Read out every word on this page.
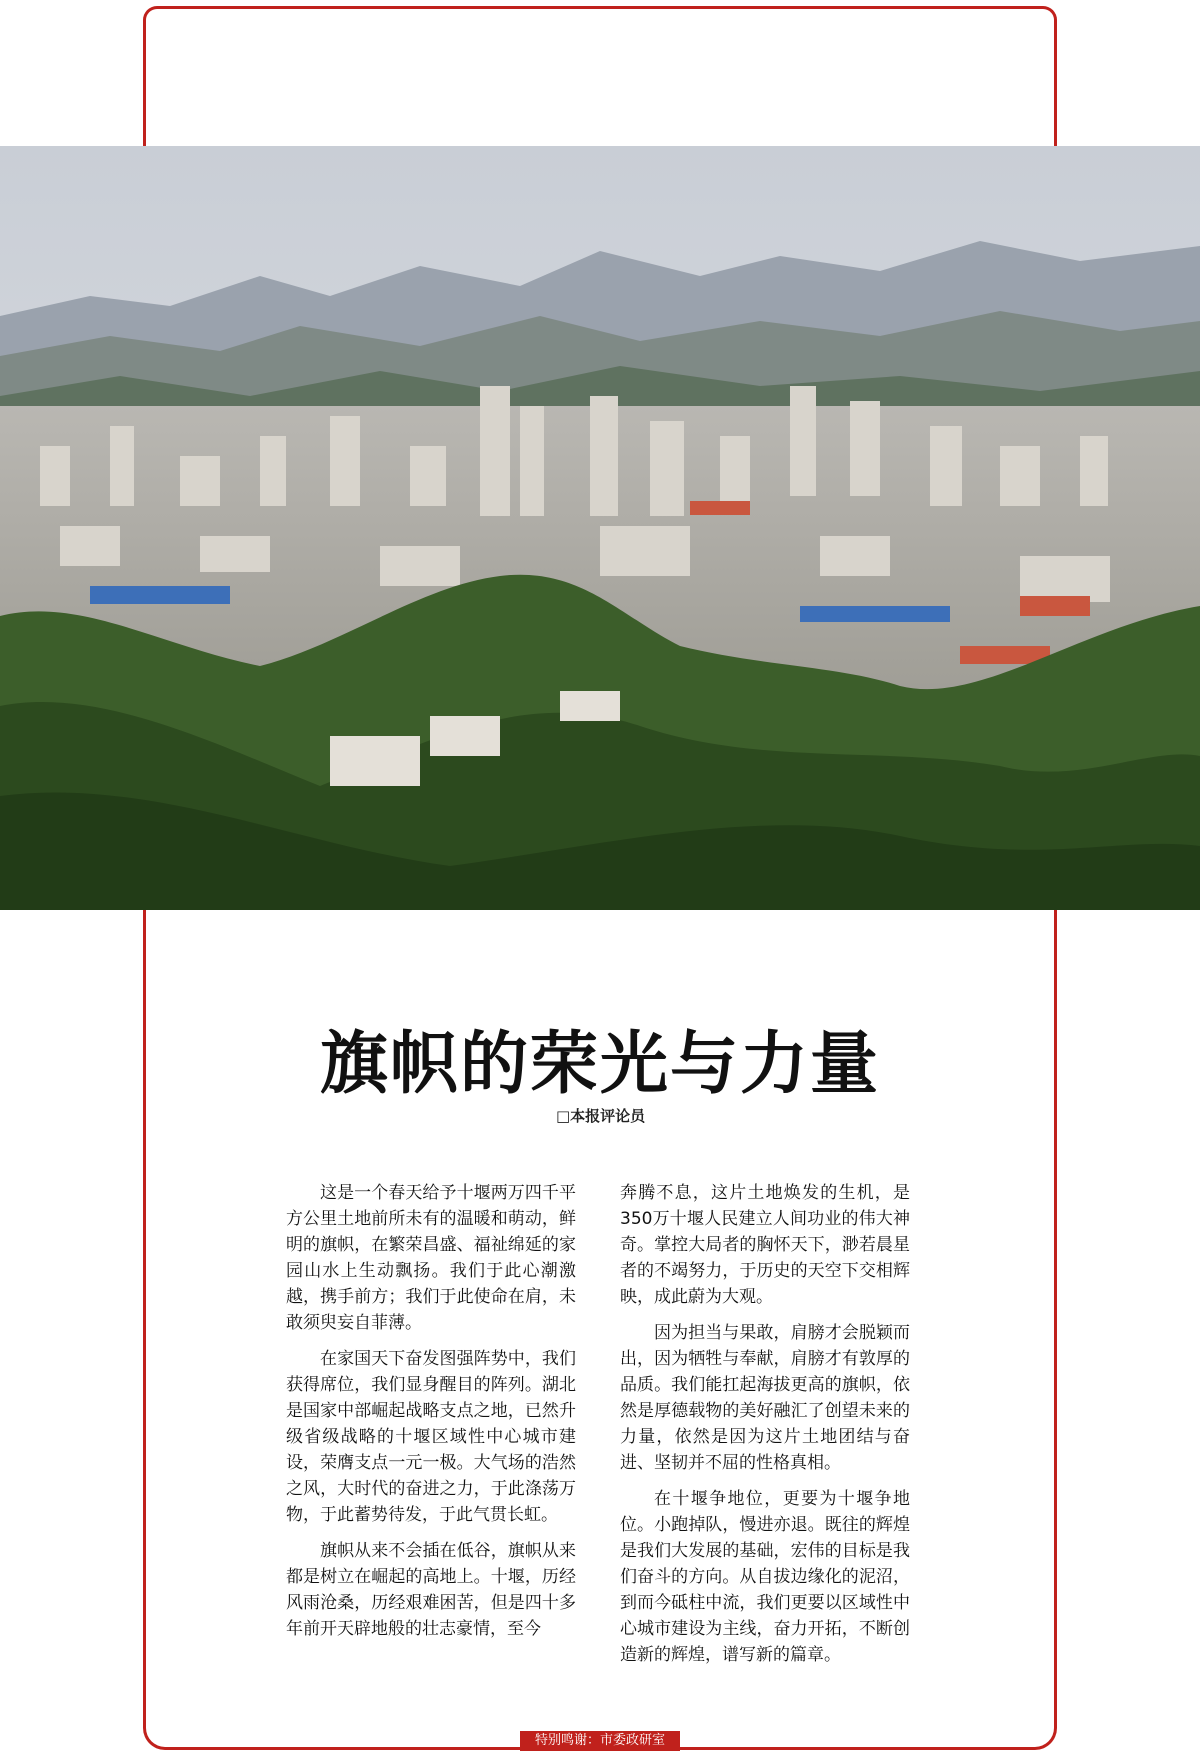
旗帜的荣光与力量
□本报评论员

这是一个春天给予十堰两万四千平方公里土地前所未有的温暖和萌动，鲜明的旗帜，在繁荣昌盛、福祉绵延的家园山水上生动飘扬。我们于此心潮激越，携手前方；我们于此使命在肩，未敢须臾妄自菲薄。

在家国天下奋发图强阵势中，我们获得席位，我们显身醒目的阵列。湖北是国家中部崛起战略支点之地，已然升级省级战略的十堰区域性中心城市建设，荣膺支点一元一极。大气场的浩然之风，大时代的奋进之力，于此涤荡万物，于此蓄势待发，于此气贯长虹。

旗帜从来不会插在低谷，旗帜从来都是树立在崛起的高地上。十堰，历经风雨沧桑，历经艰难困苦，但是四十多年前开天辟地般的壮志豪情，至今

奔腾不息，这片土地焕发的生机，是350万十堰人民建立人间功业的伟大神奇。掌控大局者的胸怀天下，渺若晨星者的不竭努力，于历史的天空下交相辉映，成此蔚为大观。

因为担当与果敢，肩膀才会脱颖而出，因为牺牲与奉献，肩膀才有敦厚的品质。我们能扛起海拔更高的旗帜，依然是厚德载物的美好融汇了创望未来的力量，依然是因为这片土地团结与奋进、坚韧并不屈的性格真相。

在十堰争地位，更要为十堰争地位。小跑掉队，慢进亦退。既往的辉煌是我们大发展的基础，宏伟的目标是我们奋斗的方向。从自拔边缘化的泥沼，到而今砥柱中流，我们更要以区域性中心城市建设为主线，奋力开拓，不断创造新的辉煌，谱写新的篇章。

特别鸣谢：市委政研室
